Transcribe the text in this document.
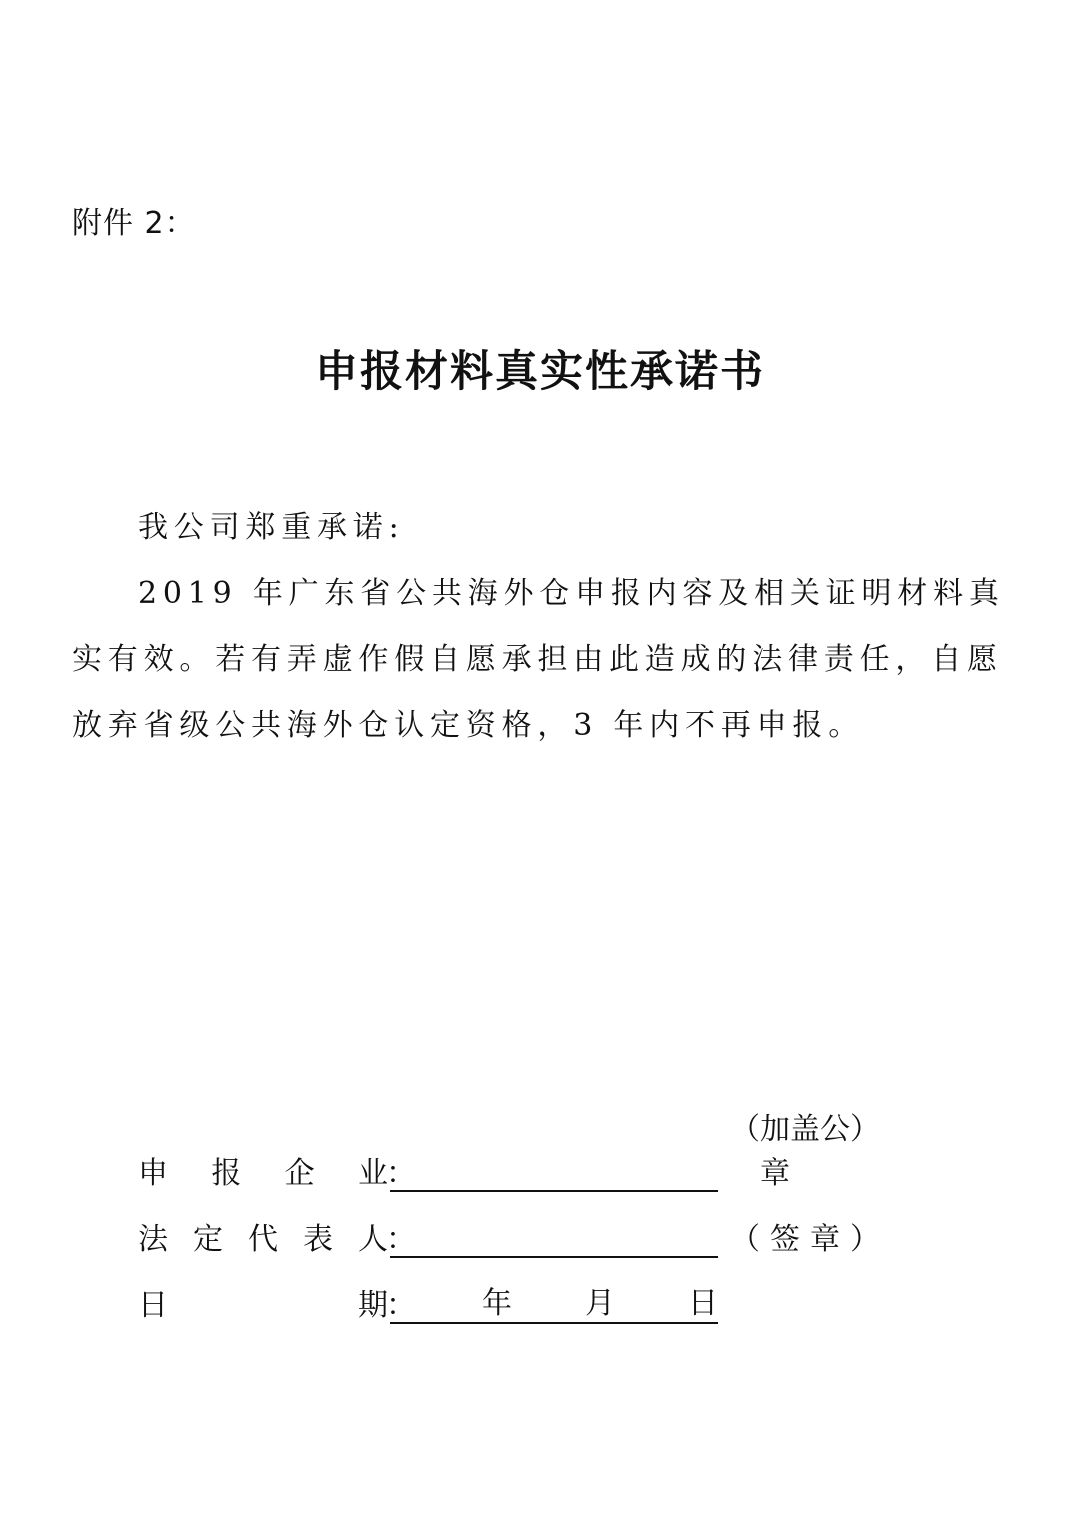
附件 2：
申报材料真实性承诺书

我公司郑重承诺:

2019 年广东省公共海外仓申报内容及相关证明材料真实有效。若有弄虚作假自愿承担由此造成的法律责任，自愿放弃省级公共海外仓认定资格，3 年内不再申报。

申 报 企 业
：
（ 加盖公章
）
法 定 代 表 人
：	（ 签 章 ）
日	期
： 年 月 日
